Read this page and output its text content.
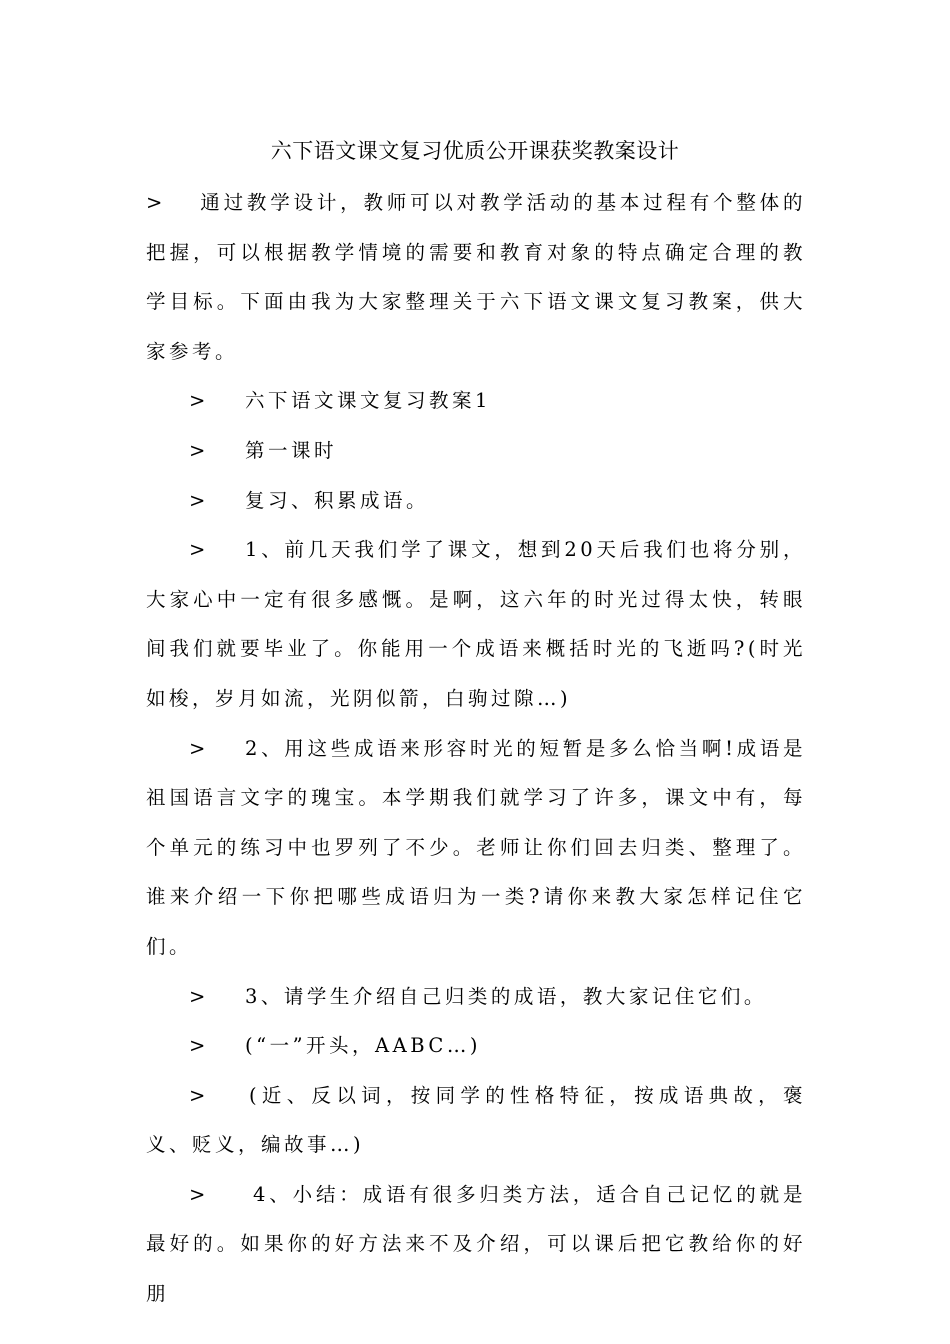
六下语文课文复习优质公开课获奖教案设计

> 通过教学设计，教师可以对教学活动的基本过程有个整体的把握，可以根据教学情境的需要和教育对象的特点确定合理的教学目标。下面由我为大家整理关于六下语文课文复习教案，供大家参考。

> 六下语文课文复习教案1

> 第一课时

> 复习、积累成语。

> 1、前几天我们学了课文，想到20天后我们也将分别，大家心中一定有很多感慨。是啊，这六年的时光过得太快，转眼间我们就要毕业了。你能用一个成语来概括时光的飞逝吗?(时光如梭，岁月如流，光阴似箭，白驹过隙…)

> 2、用这些成语来形容时光的短暂是多么恰当啊!成语是祖国语言文字的瑰宝。本学期我们就学习了许多，课文中有，每个单元的练习中也罗列了不少。老师让你们回去归类、整理了。谁来介绍一下你把哪些成语归为一类?请你来教大家怎样记住它们。

> 3、请学生介绍自己归类的成语，教大家记住它们。

> (“一”开头，AABC…)

> (近、反以词，按同学的性格特征，按成语典故，褒义、贬义，编故事…)

> 4、小结：成语有很多归类方法，适合自己记忆的就是最好的。如果你的好方法来不及介绍，可以课后把它教给你的好朋
